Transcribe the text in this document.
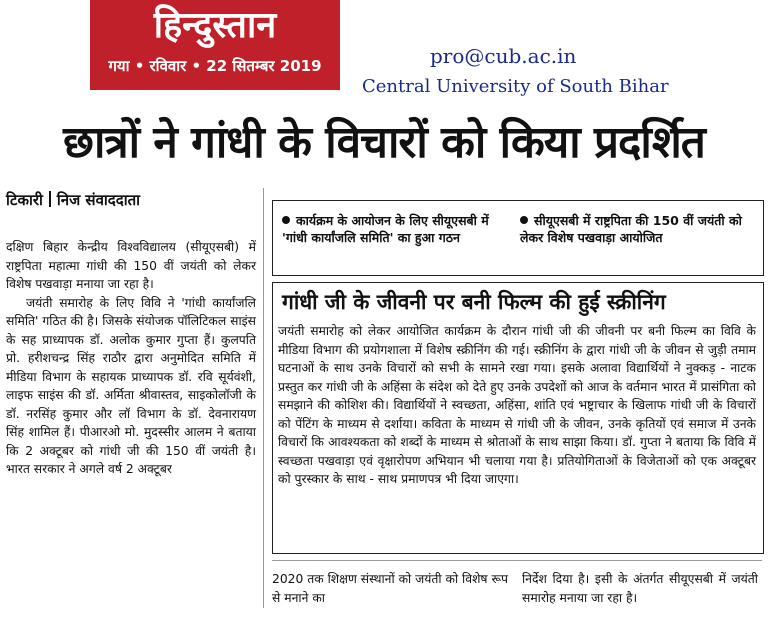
हिन्दुस्तान
गया • रविवार • 22 सितम्बर 2019	pro@cub.ac.in
Central University of South Bihar
छात्रों ने गांधी के विचारों को किया प्रदर्शित
टिकारी निज संवाददाता

दक्षिण बिहार केन्द्रीय विश्वविद्यालय (सीयूएसबी) में राष्ट्रपिता महात्मा गांधी की 150 वीं जयंती को लेकर विशेष पखवाड़ा मनाया जा रहा है।

जयंती समारोह के लिए विवि ने 'गांधी कार्यांजलि समिति' गठित की है। जिसके संयोजक पॉलिटिकल साइंस के सह प्राध्यापक डॉ. अलोक कुमार गुप्ता हैं। कुलपति प्रो. हरीशचन्द्र सिंह राठौर द्वारा अनुमोदित समिति में मीडिया विभाग के सहायक प्राध्यापक डॉ. रवि सूर्यवंशी, लाइफ साइंस की डॉ. अर्मिता श्रीवास्तव, साइकोलॉजी के डॉ. नरसिंह कुमार और लॉ विभाग के डॉ. देवनारायण सिंह शामिल हैं। पीआरओ मो. मुदस्सीर आलम ने बताया कि 2 अक्टूबर को गांधी जी की 150 वीं जयंती है। भारत सरकार ने अगले वर्ष 2 अक्टूबर

कार्यक्रम के आयोजन के लिए सीयूएसबी में 'गांधी कार्यांजलि समिति' का हुआ गठन
सीयूएसबी में राष्ट्रपिता की 150 वीं जयंती को लेकर विशेष पखवाड़ा आयोजित
गांधी जी के जीवनी पर बनी फिल्म की हुई स्क्रीनिंग
जयंती समारोह को लेकर आयोजित कार्यक्रम के दौरान गांधी जी की जीवनी पर बनी फिल्म का विवि के मीडिया विभाग की प्रयोगशाला में विशेष स्क्रीनिंग की गई। स्क्रीनिंग के द्वारा गांधी जी के जीवन से जुड़ी तमाम घटनाओं के साथ उनके विचारों को सभी के सामने रखा गया। इसके अलावा विद्यार्थियों ने नुक्कड़ - नाटक प्रस्तुत कर गांधी जी के अहिंसा के संदेश को देते हुए उनके उपदेशों को आज के वर्तमान भारत में प्रासंगिता को समझाने की कोशिश की। विद्यार्थियों ने स्वच्छता, अहिंसा, शांति एवं भष्ट्राचार के खिलाफ गांधी जी के विचारों को पेंटिंग के माध्यम से दर्शाया। कविता के माध्यम से गांधी जी के जीवन, उनके कृतियों एवं समाज में उनके विचारों कि आवश्यकता को शब्दों के माध्यम से श्रोताओं के साथ साझा किया। डॉ. गुप्ता ने बताया कि विवि में स्वच्छता पखवाड़ा एवं वृक्षारोपण अभियान भी चलाया गया है। प्रतियोगिताओं के विजेताओं को एक अक्टूबर को पुरस्कार के साथ - साथ प्रमाणपत्र भी दिया जाएगा।
2020 तक शिक्षण संस्थानों को जयंती को विशेष रूप से मनाने का
निर्देश दिया है। इसी के अंतर्गत सीयूएसबी में जयंती समारोह मनाया जा रहा है।
